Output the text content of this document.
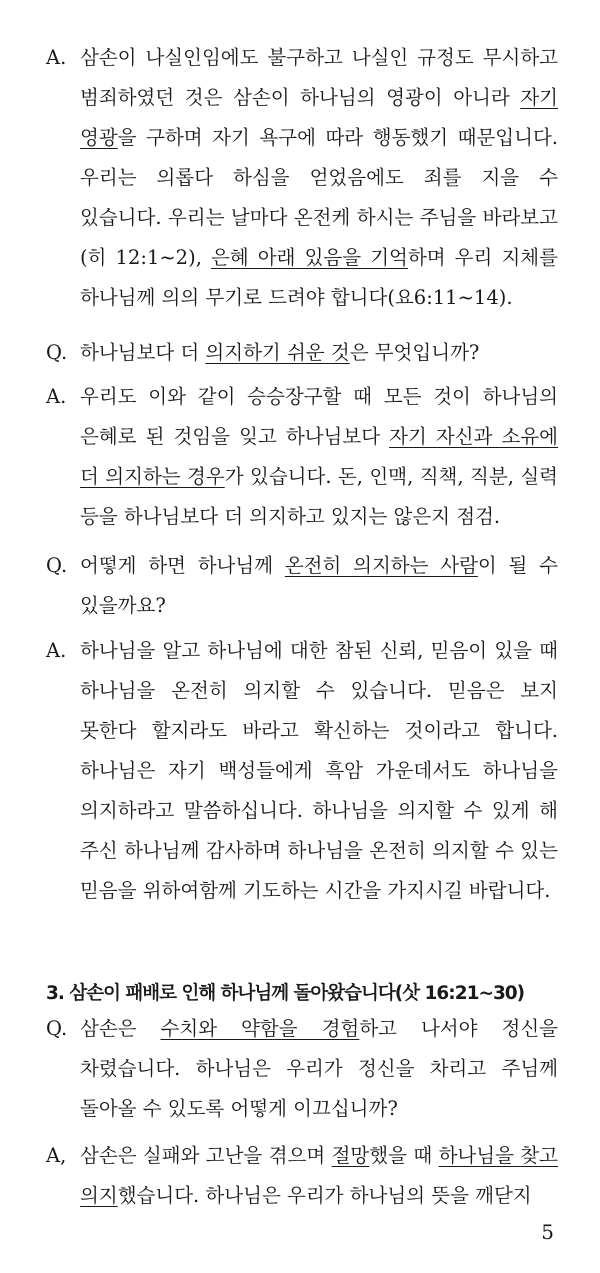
A. 삼손이 나실인임에도 불구하고 나실인 규정도 무시하고 범죄하였던 것은 삼손이 하나님의 영광이 아니라 자기 영광을 구하며 자기 욕구에 따라 행동했기 때문입니다. 우리는 의롭다 하심을 얻었음에도 죄를 지을 수 있습니다. 우리는 날마다 온전케 하시는 주님을 바라보고(히 12:1~2), 은혜 아래 있음을 기억하며 우리 지체를 하나님께 의의 무기로 드려야 합니다(요6:11~14).
Q. 하나님보다 더 의지하기 쉬운 것은 무엇입니까?
A. 우리도 이와 같이 승승장구할 때 모든 것이 하나님의 은혜로 된 것임을 잊고 하나님보다 자기 자신과 소유에 더 의지하는 경우가 있습니다. 돈, 인맥, 직책, 직분, 실력 등을 하나님보다 더 의지하고 있지는 않은지 점검.
Q. 어떻게 하면 하나님께 온전히 의지하는 사람이 될 수 있을까요?
A. 하나님을 알고 하나님에 대한 참된 신뢰, 믿음이 있을 때 하나님을 온전히 의지할 수 있습니다. 믿음은 보지 못한다 할지라도 바라고 확신하는 것이라고 합니다. 하나님은 자기 백성들에게 흑암 가운데서도 하나님을 의지하라고 말씀하십니다. 하나님을 의지할 수 있게 해 주신 하나님께 감사하며 하나님을 온전히 의지할 수 있는 믿음을 위하여함께 기도하는 시간을 가지시길 바랍니다.
3. 삼손이 패배로 인해 하나님께 돌아왔습니다(삿 16:21~30)
Q. 삼손은 수치와 약함을 경험하고 나서야 정신을 차렸습니다. 하나님은 우리가 정신을 차리고 주님께 돌아올 수 있도록 어떻게 이끄십니까?
A, 삼손은 실패와 고난을 겪으며 절망했을 때 하나님을 찾고 의지했습니다. 하나님은 우리가 하나님의 뜻을 깨닫지
5
